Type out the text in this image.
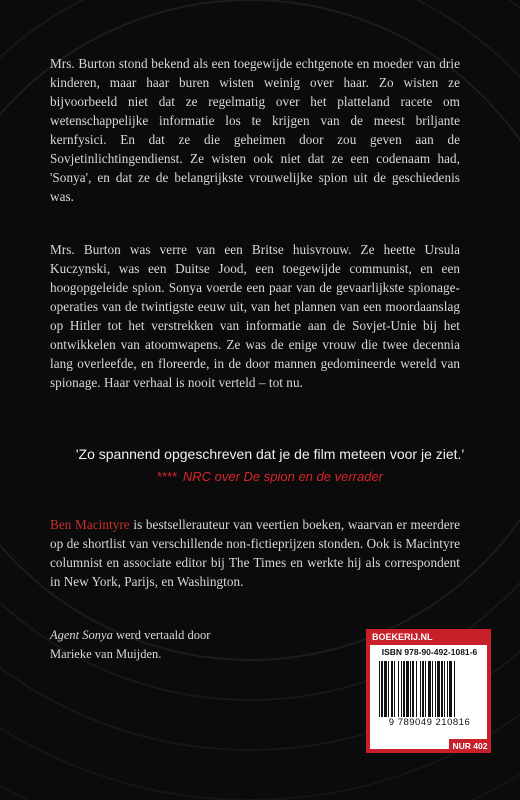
Mrs. Burton stond bekend als een toegewijde echtgenote en moeder van drie kinderen, maar haar buren wisten weinig over haar. Zo wisten ze bijvoorbeeld niet dat ze regelmatig over het platteland racete om wetenschappelijke informatie los te krijgen van de meest briljante kernfysici. En dat ze die geheimen door zou geven aan de Sovjetinlichtingendienst. Ze wisten ook niet dat ze een codenaam had, 'Sonya', en dat ze de belangrijkste vrouwelijke spion uit de geschiedenis was.

Mrs. Burton was verre van een Britse huisvrouw. Ze heette Ursula Kuczynski, was een Duitse Jood, een toegewijde communist, en een hoogopgeleide spion. Sonya voerde een paar van de gevaarlijkste spionage-operaties van de twintigste eeuw uit, van het plannen van een moordaanslag op Hitler tot het verstrekken van informatie aan de Sovjet-Unie bij het ontwikkelen van atoomwapens. Ze was de enige vrouw die twee decennia lang overleefde, en floreerde, in de door mannen gedomineerde wereld van spionage. Haar verhaal is nooit verteld – tot nu.

'Zo spannend opgeschreven dat je de film meteen voor je ziet.'

**** NRC over De spion en de verrader

Ben Macintyre is bestsellerauteur van veertien boeken, waarvan er meerdere op de shortlist van verschillende non-fictieprijzen stonden. Ook is Macintyre columnist en associate editor bij The Times en werkte hij als correspondent in New York, Parijs, en Washington.

Agent Sonya werd vertaald door
Marieke van Muijden.
BOEKERIJ.NL
ISBN 978-90-492-1081-6
9 789049 210816
NUR 402
